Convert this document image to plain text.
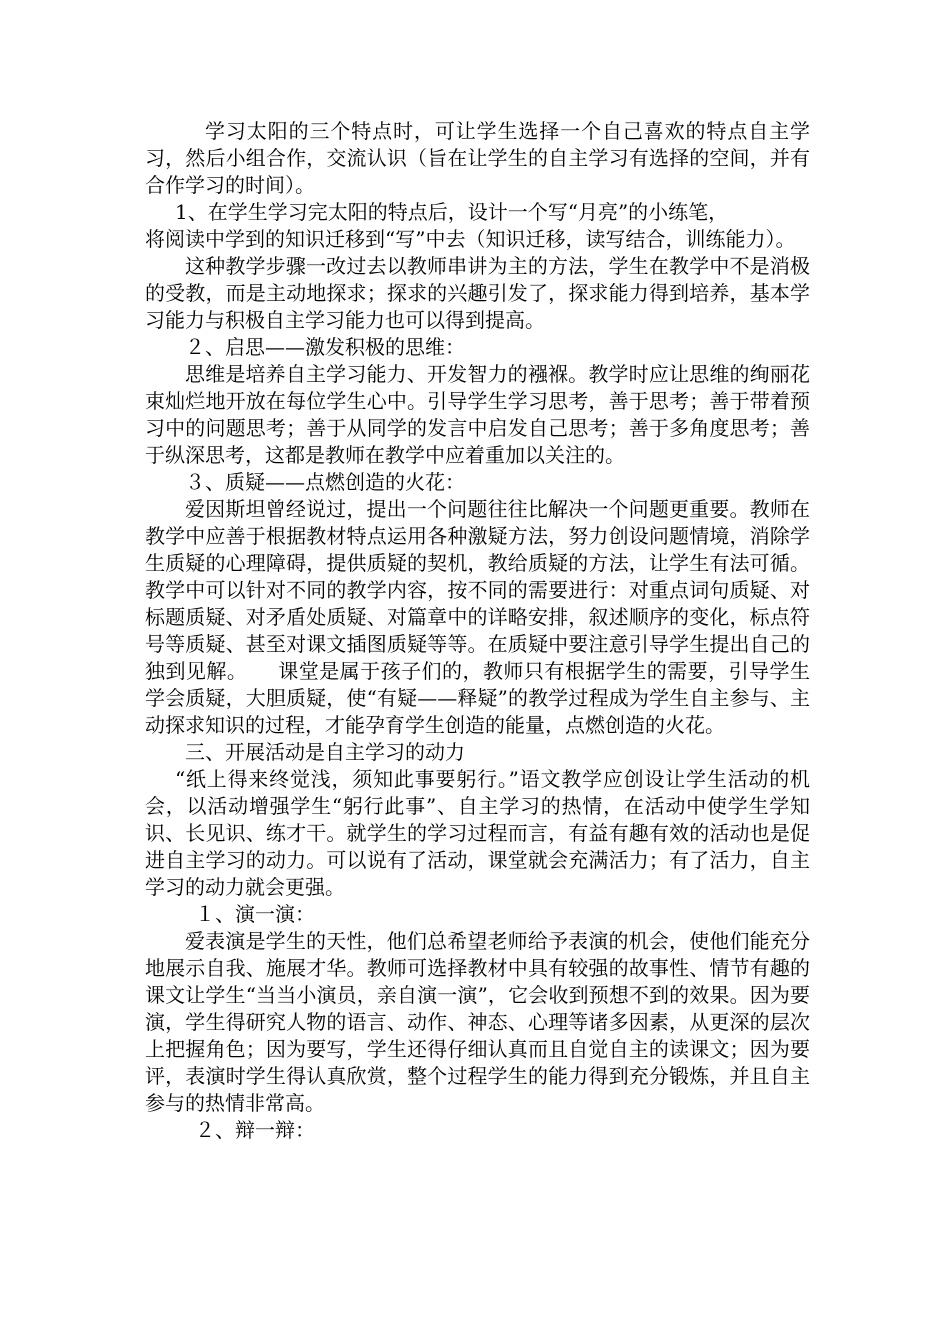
学习太阳的三个特点时，可让学生选择一个自己喜欢的特点自主学习，然后小组合作，交流认识（旨在让学生的自主学习有选择的空间，并有合作学习的时间）。

1、在学生学习完太阳的特点后，设计一个写“月亮”的小练笔，

将阅读中学到的知识迁移到“写”中去（知识迁移，读写结合，训练能力）。

这种教学步骤一改过去以教师串讲为主的方法，学生在教学中不是消极的受教，而是主动地探求；探求的兴趣引发了，探求能力得到培养，基本学习能力与积极自主学习能力也可以得到提高。

２、启思——激发积极的思维：

思维是培养自主学习能力、开发智力的襁褓。教学时应让思维的绚丽花束灿烂地开放在每位学生心中。引导学生学习思考，善于思考；善于带着预习中的问题思考；善于从同学的发言中启发自己思考；善于多角度思考；善于纵深思考，这都是教师在教学中应着重加以关注的。

３、质疑——点燃创造的火花：

爱因斯坦曾经说过，提出一个问题往往比解决一个问题更重要。教师在教学中应善于根据教材特点运用各种激疑方法，努力创设问题情境，消除学生质疑的心理障碍，提供质疑的契机，教给质疑的方法，让学生有法可循。教学中可以针对不同的教学内容，按不同的需要进行：对重点词句质疑、对标题质疑、对矛盾处质疑、对篇章中的详略安排，叙述顺序的变化，标点符号等质疑、甚至对课文插图质疑等等。在质疑中要注意引导学生提出自己的独到见解。　　课堂是属于孩子们的，教师只有根据学生的需要，引导学生学会质疑，大胆质疑，使“有疑——释疑”的教学过程成为学生自主参与、主动探求知识的过程，才能孕育学生创造的能量，点燃创造的火花。

三、开展活动是自主学习的动力

“纸上得来终觉浅，须知此事要躬行。”语文教学应创设让学生活动的机会，以活动增强学生“躬行此事”、自主学习的热情，在活动中使学生学知识、长见识、练才干。就学生的学习过程而言，有益有趣有效的活动也是促进自主学习的动力。可以说有了活动，课堂就会充满活力；有了活力，自主学习的动力就会更强。

１、演一演：

爱表演是学生的天性，他们总希望老师给予表演的机会，使他们能充分地展示自我、施展才华。教师可选择教材中具有较强的故事性、情节有趣的课文让学生“当当小演员，亲自演一演”，它会收到预想不到的效果。因为要演，学生得研究人物的语言、动作、神态、心理等诸多因素，从更深的层次上把握角色；因为要写，学生还得仔细认真而且自觉自主的读课文；因为要评，表演时学生得认真欣赏，整个过程学生的能力得到充分锻炼，并且自主参与的热情非常高。

２、辩一辩：
